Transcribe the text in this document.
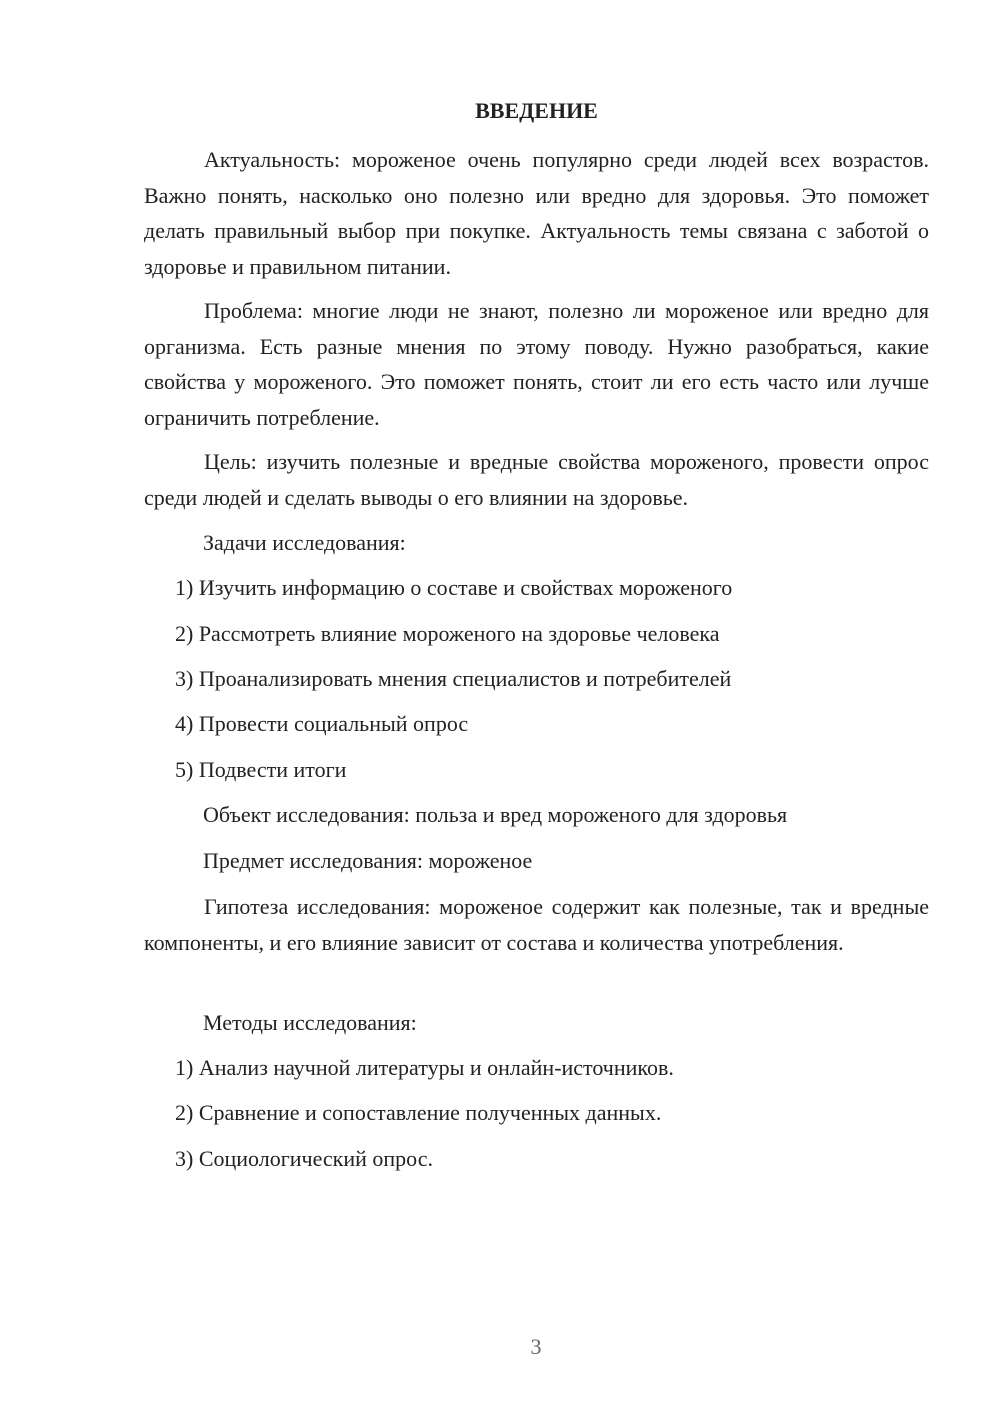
ВВЕДЕНИЕ

Актуальность: мороженое очень популярно среди людей всех возрастов. Важно понять, насколько оно полезно или вредно для здоровья. Это поможет делать правильный выбор при покупке. Актуальность темы связана с заботой о здоровье и правильном питании.

Проблема: многие люди не знают, полезно ли мороженое или вредно для организма. Есть разные мнения по этому поводу. Нужно разобраться, какие свойства у мороженого. Это поможет понять, стоит ли его есть часто или лучше ограничить потребление.

Цель: изучить полезные и вредные свойства мороженого, провести опрос среди людей и сделать выводы о его влиянии на здоровье.

Задачи исследования:

1) Изучить информацию о составе и свойствах мороженого

2) Рассмотреть влияние мороженого на здоровье человека

3) Проанализировать мнения специалистов и потребителей

4) Провести социальный опрос

5) Подвести итоги

Объект исследования: польза и вред мороженого для здоровья

Предмет исследования: мороженое

Гипотеза исследования: мороженое содержит как полезные, так и вредные компоненты, и его влияние зависит от состава и количества употребления.

Методы исследования:

1) Анализ научной литературы и онлайн-источников.

2) Сравнение и сопоставление полученных данных.

3) Социологический опрос.

3
